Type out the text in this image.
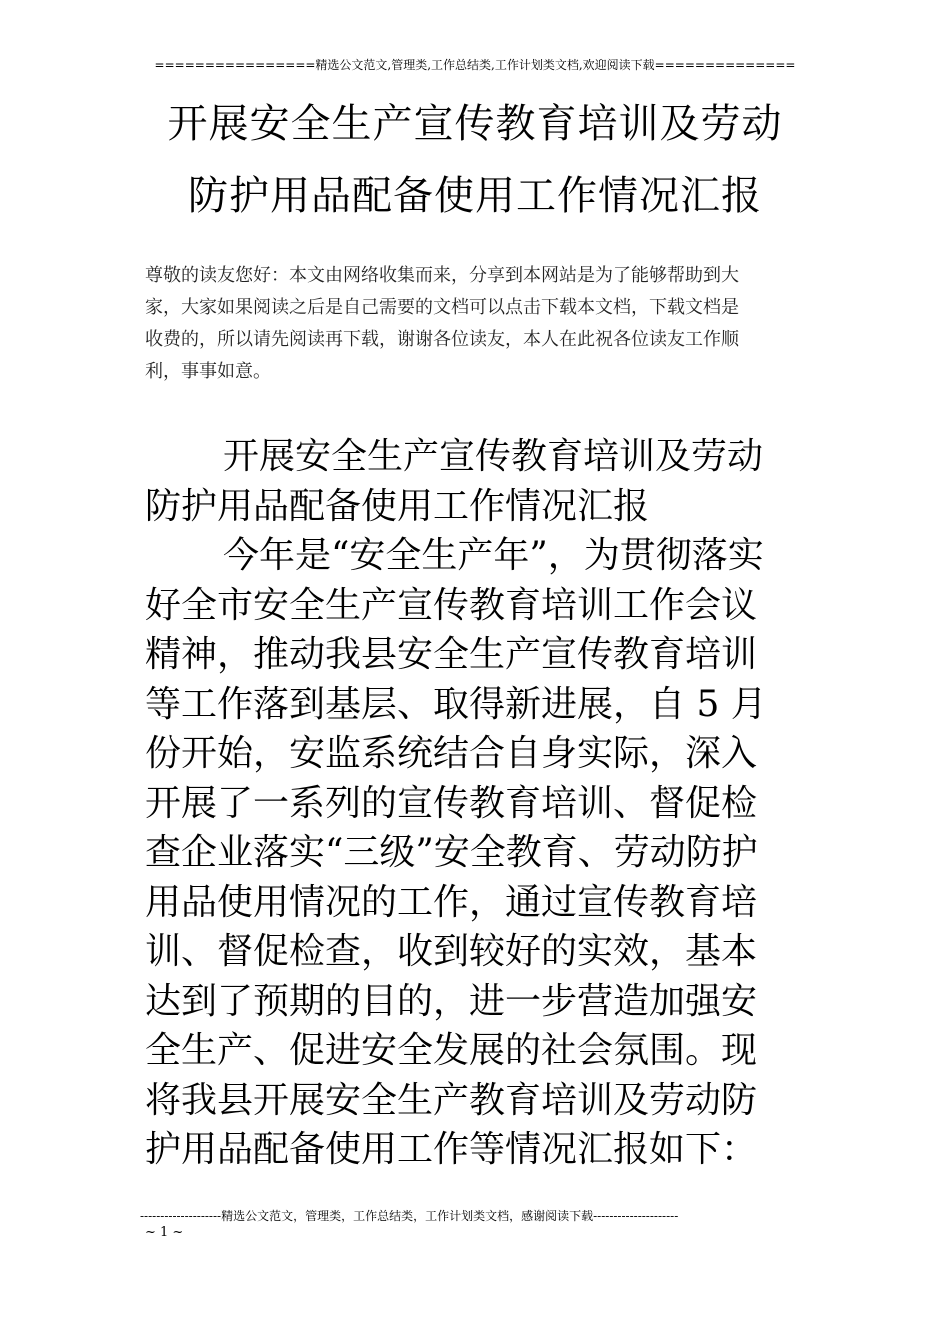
================精选公文范文,管理类,工作总结类,工作计划类文档,欢迎阅读下载==============
开展安全生产宣传教育培训及劳动
防护用品配备使用工作情况汇报
尊敬的读友您好：本文由网络收集而来，分享到本网站是为了能够帮助到大
家，大家如果阅读之后是自己需要的文档可以点击下载本文档，下载文档是
收费的，所以请先阅读再下载，谢谢各位读友，本人在此祝各位读友工作顺
利，事事如意。
开展安全生产宣传教育培训及劳动
防护用品配备使用工作情况汇报
今年是“安全生产年”，为贯彻落实
好全市安全生产宣传教育培训工作会议
精神，推动我县安全生产宣传教育培训
等工作落到基层、取得新进展，自 5 月
份开始，安监系统结合自身实际，深入
开展了一系列的宣传教育培训、督促检
查企业落实“三级”安全教育、劳动防护
用品使用情况的工作，通过宣传教育培
训、督促检查，收到较好的实效，基本
达到了预期的目的，进一步营造加强安
全生产、促进安全发展的社会氛围。现
将我县开展安全生产教育培训及劳动防
护用品配备使用工作等情况汇报如下：
--------------------精选公文范文，管理类，工作总结类，工作计划类文档，感谢阅读下载---------------------
~ 1 ~
